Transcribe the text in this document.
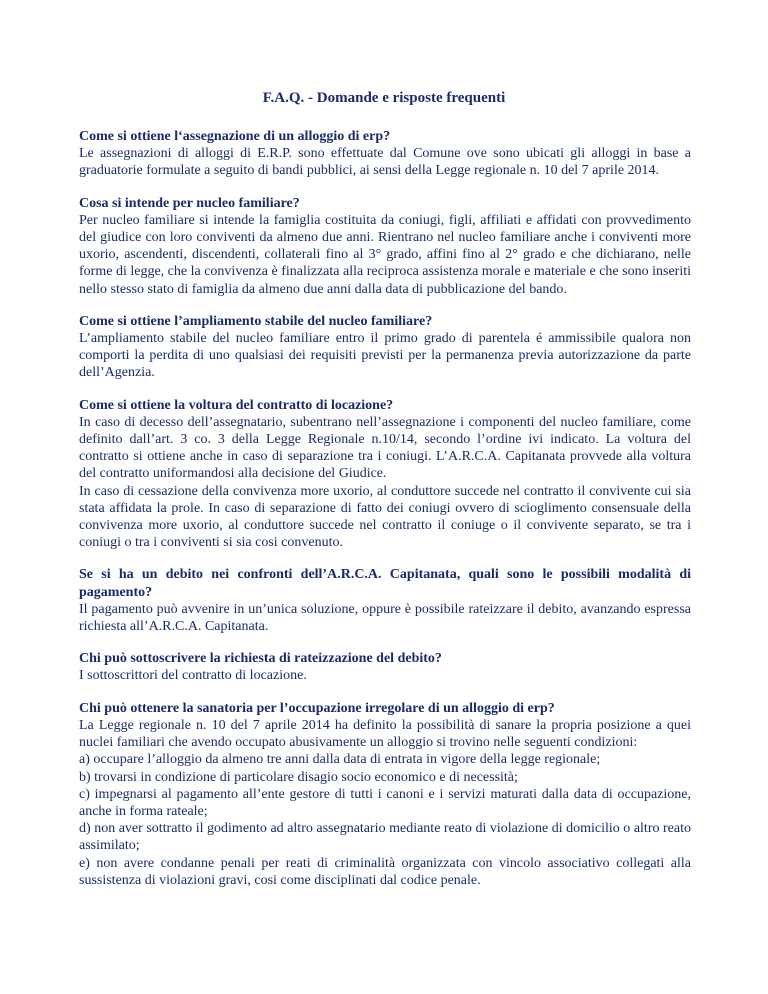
F.A.Q. - Domande e risposte frequenti

Come si ottiene l‘assegnazione di un alloggio di erp?

Le assegnazioni di alloggi di E.R.P. sono effettuate dal Comune ove sono ubicati gli alloggi in base a graduatorie formulate a seguito di bandi pubblici, ai sensi della Legge regionale n. 10 del 7 aprile 2014.

Cosa si intende per nucleo familiare?

Per nucleo familiare si intende la famiglia costituita da coniugi, figli, affiliati e affidati con provvedimento del giudice con loro conviventi da almeno due anni. Rientrano nel nucleo familiare anche i conviventi more uxorio, ascendenti, discendenti, collaterali fino al 3° grado, affini fino al 2° grado e che dichiarano, nelle forme di legge, che la convivenza è finalizzata alla reciproca assistenza morale e materiale e che sono inseriti nello stesso stato di famiglia da almeno due anni dalla data di pubblicazione del bando.

Come si ottiene l’ampliamento stabile del nucleo familiare?

L’ampliamento stabile del nucleo familiare entro il primo grado di parentela é ammissibile qualora non comporti la perdita di uno qualsiasi dei requisiti previsti per la permanenza previa autorizzazione da parte dell’Agenzia.

Come si ottiene la voltura del contratto di locazione?

In caso di decesso dell’assegnatario, subentrano nell’assegnazione i componenti del nucleo familiare, come definito dall’art. 3 co. 3 della Legge Regionale n.10/14, secondo l’ordine ivi indicato. La voltura del contratto si ottiene anche in caso di separazione tra i coniugi. L’A.R.C.A. Capitanata provvede alla voltura del contratto uniformandosi alla decisione del Giudice.

In caso di cessazione della convivenza more uxorio, al conduttore succede nel contratto il convivente cui sia stata affidata la prole. In caso di separazione di fatto dei coniugi ovvero di scioglimento consensuale della convivenza more uxorio, al conduttore succede nel contratto il coniuge o il convivente separato, se tra i coniugi o tra i conviventi si sia cosi convenuto.

Se si ha un debito nei confronti dell’A.R.C.A. Capitanata, quali sono le possibili modalità di pagamento?

Il pagamento può avvenire in un’unica soluzione, oppure è possibile rateizzare il debito, avanzando espressa richiesta all’A.R.C.A. Capitanata.

Chi può sottoscrivere la richiesta di rateizzazione del debito?

I sottoscrittori del contratto di locazione.

Chi può ottenere la sanatoria per l’occupazione irregolare di un alloggio di erp?

La Legge regionale n. 10 del 7 aprile 2014 ha definito la possibilità di sanare la propria posizione a quei nuclei familiari che avendo occupato abusivamente un alloggio si trovino nelle seguenti condizioni:

a) occupare l’alloggio da almeno tre anni dalla data di entrata in vigore della legge regionale;

b) trovarsi in condizione di particolare disagio socio economico e di necessità;

c) impegnarsi al pagamento all’ente gestore di tutti i canoni e i servizi maturati dalla data di occupazione, anche in forma rateale;

d) non aver sottratto il godimento ad altro assegnatario mediante reato di violazione di domicilio o altro reato assimilato;

e) non avere condanne penali per reati di criminalità organizzata con vincolo associativo collegati alla sussistenza di violazioni gravi, cosi come disciplinati dal codice penale.
